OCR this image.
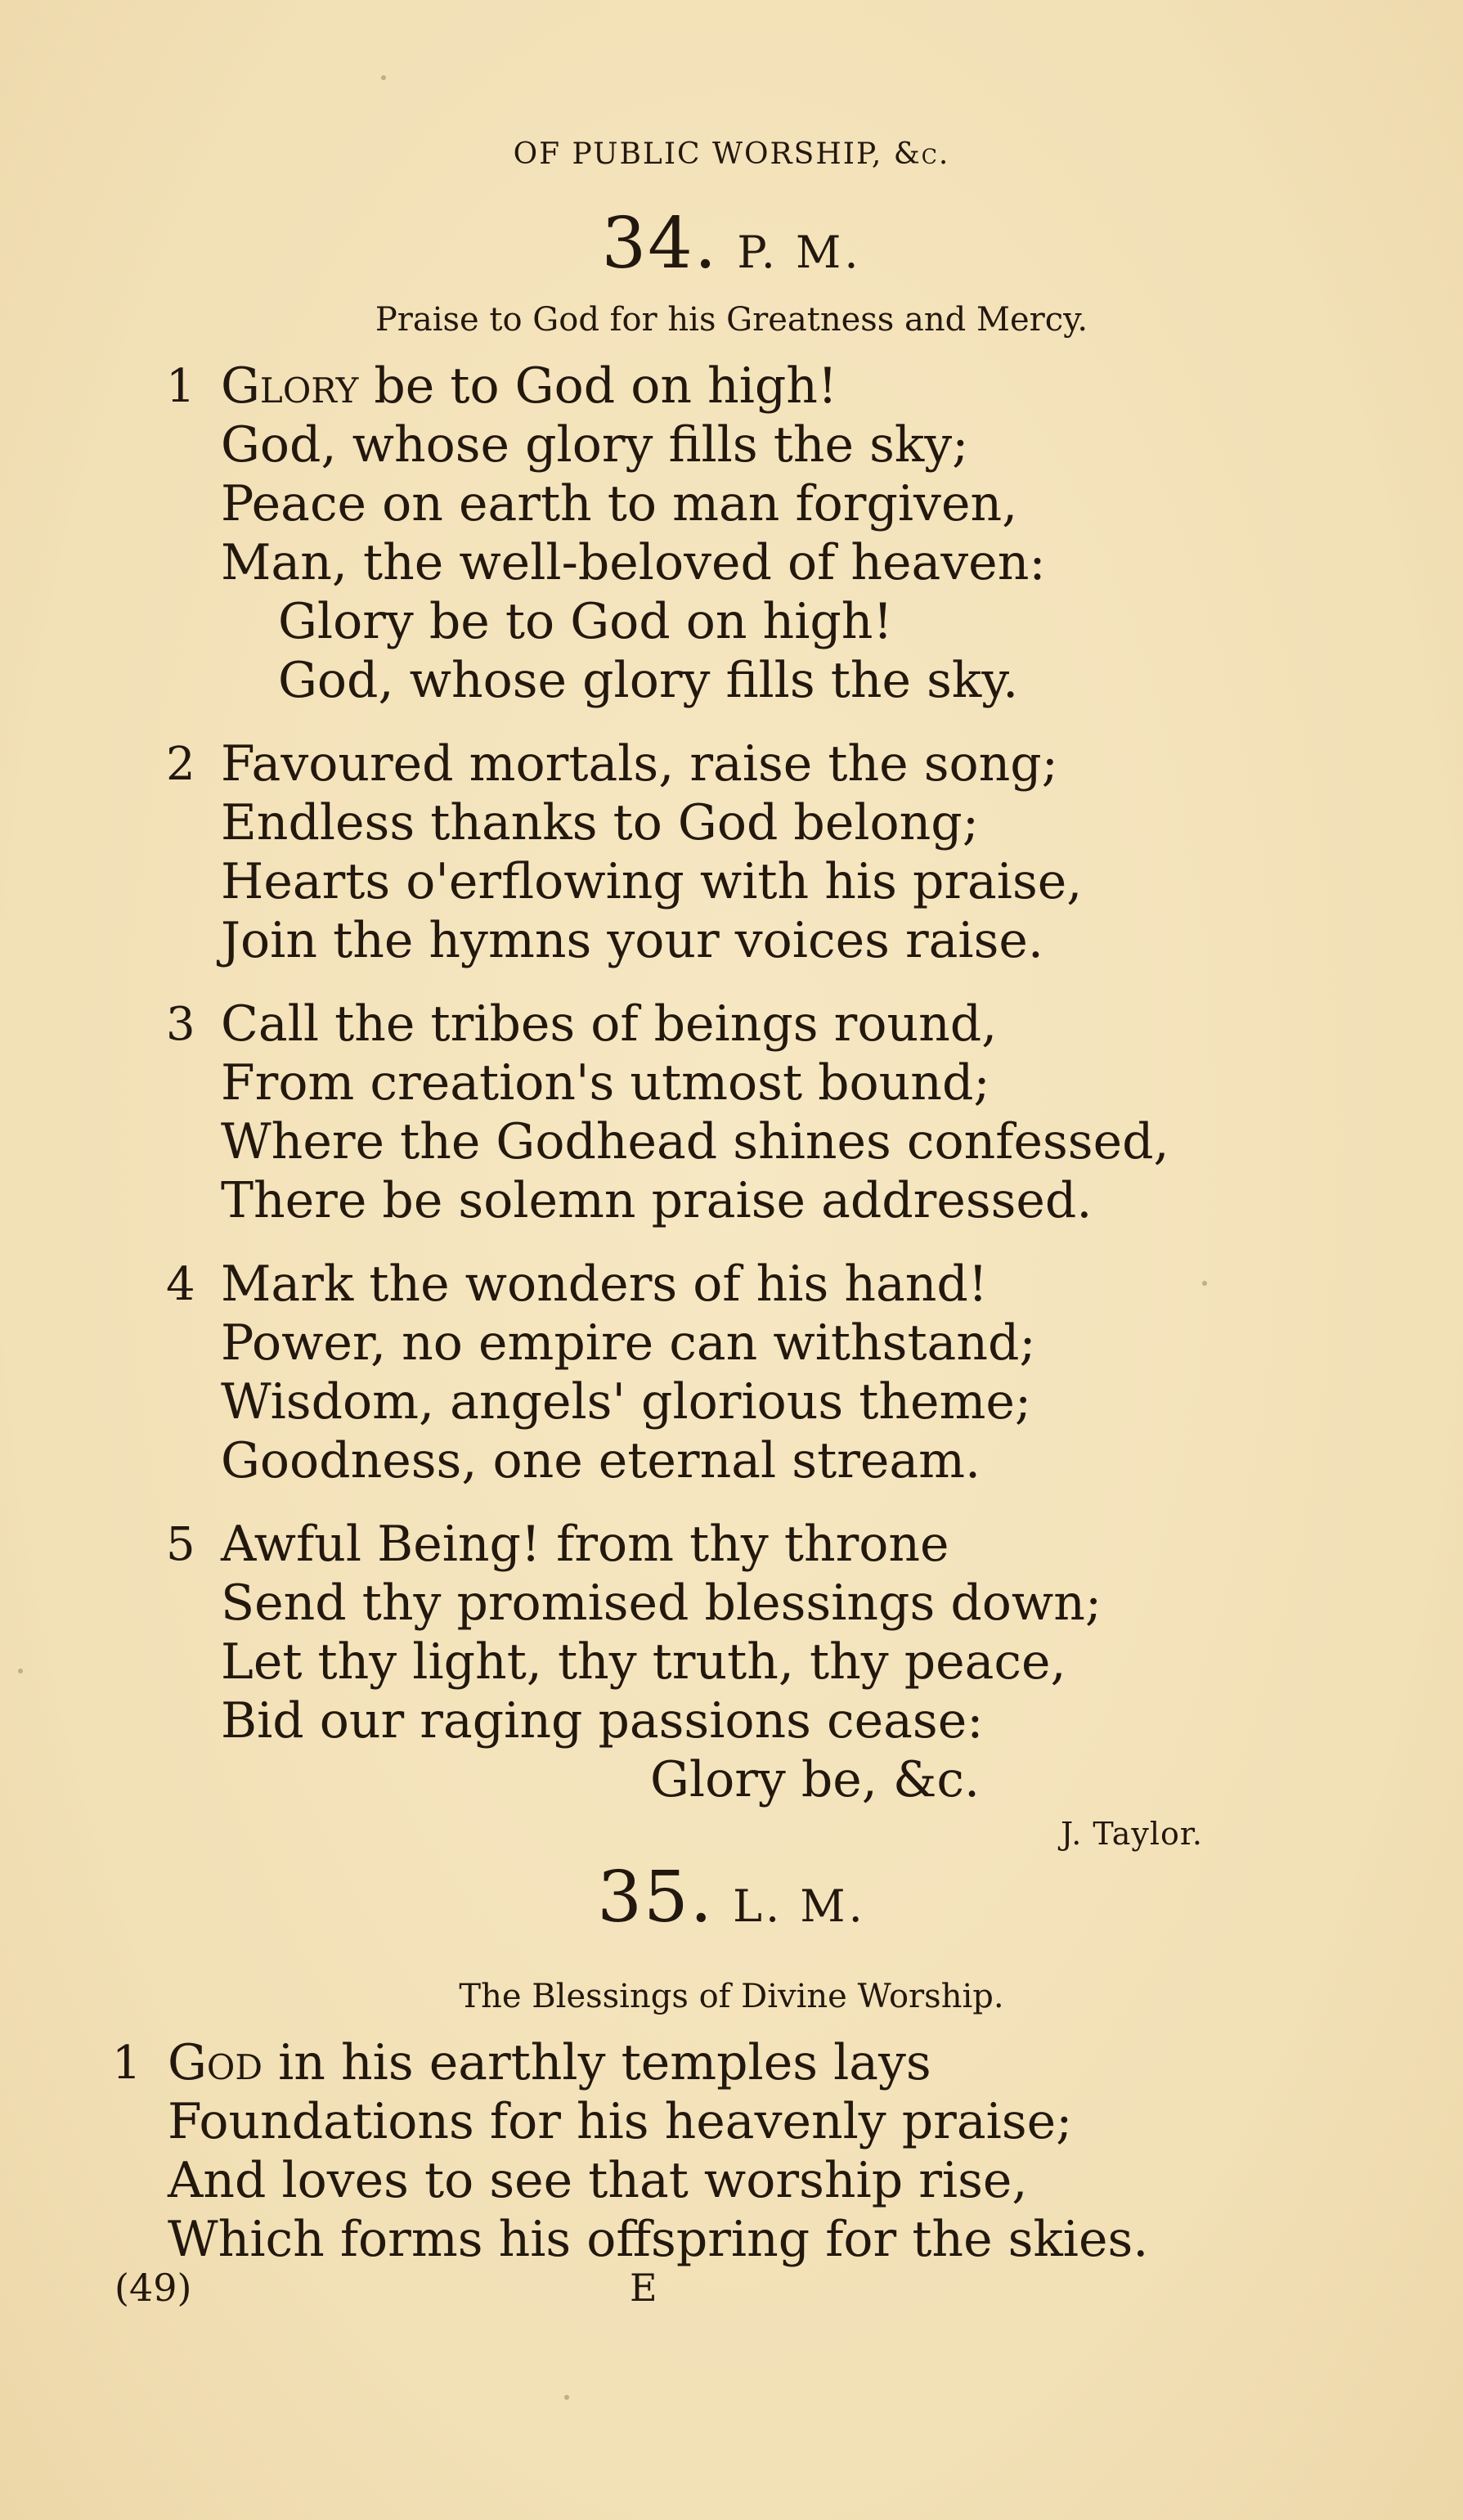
OF PUBLIC WORSHIP, &c.
34. P. M.
Praise to God for his Greatness and Mercy.
1 Glory be to God on high!
God, whose glory fills the sky;
Peace on earth to man forgiven,
Man, the well-beloved of heaven:
Glory be to God on high!
God, whose glory fills the sky.
2 Favoured mortals, raise the song;
Endless thanks to God belong;
Hearts o'erflowing with his praise,
Join the hymns your voices raise.
3 Call the tribes of beings round,
From creation's utmost bound;
Where the Godhead shines confessed,
There be solemn praise addressed.
4 Mark the wonders of his hand!
Power, no empire can withstand;
Wisdom, angels' glorious theme;
Goodness, one eternal stream.
5 Awful Being! from thy throne
Send thy promised blessings down;
Let thy light, thy truth, thy peace,
Bid our raging passions cease:
Glory be, &c.
J. Taylor.
35. L. M.
The Blessings of Divine Worship.
1 God in his earthly temples lays
Foundations for his heavenly praise;
And loves to see that worship rise,
Which forms his offspring for the skies.
(49)	E
